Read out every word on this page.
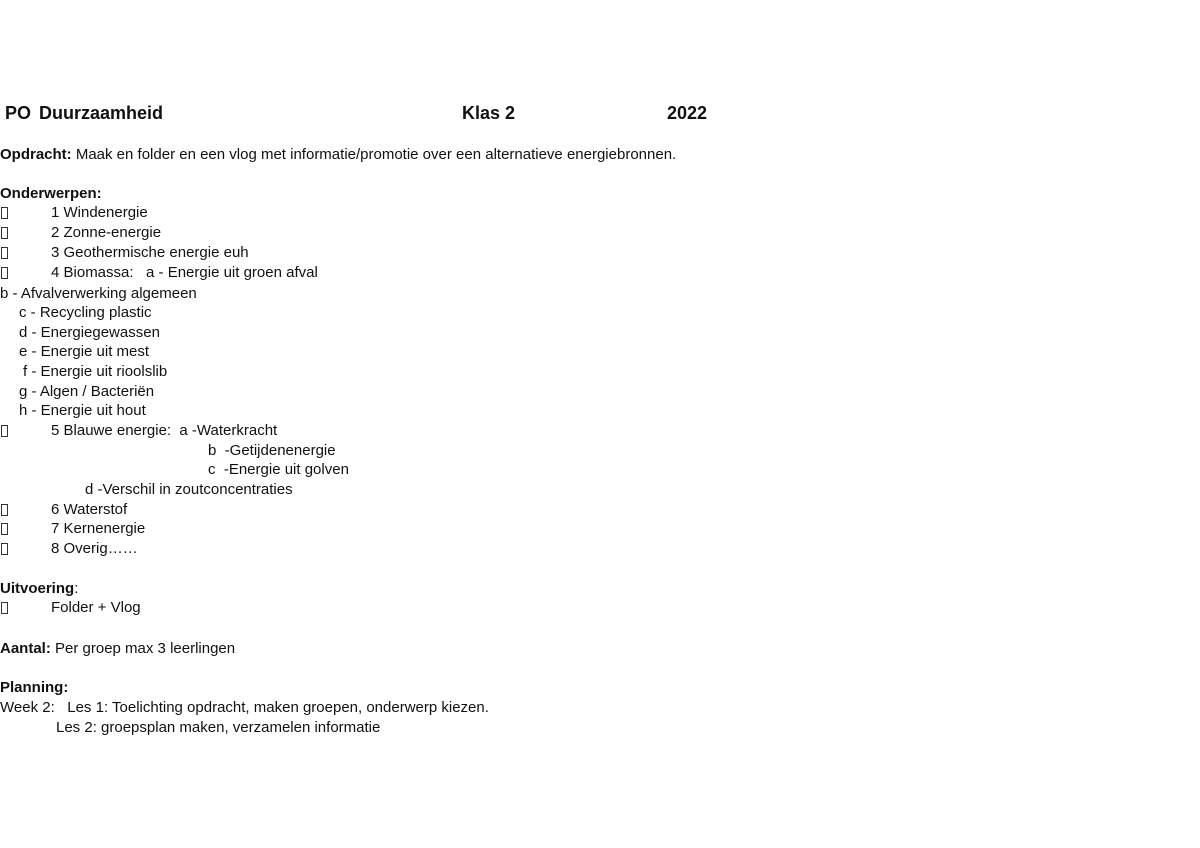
PO Duurzaamheid	Klas 2	2022
Opdracht: Maak en folder en een vlog met informatie/promotie over een alternatieve energiebronnen.
Onderwerpen:
1 Windenergie
2 Zonne-energie
3 Geothermische energie euh
4 Biomassa:   a - Energie uit groen afval
b - Afvalverwerking algemeen
c - Recycling plastic
d - Energiegewassen
e - Energie uit mest
f - Energie uit rioolslib
g - Algen / Bacteriën
h - Energie uit hout
5 Blauwe energie:  a -Waterkracht
b  -Getijdenenergie
c  -Energie uit golven
d -Verschil in zoutconcentraties
6 Waterstof
7 Kernenergie
8 Overig……
Uitvoering:
Folder + Vlog
Aantal: Per groep max 3 leerlingen
Planning:
Week 2:   Les 1: Toelichting opdracht, maken groepen, onderwerp kiezen.
Les 2: groepsplan maken, verzamelen informatie
